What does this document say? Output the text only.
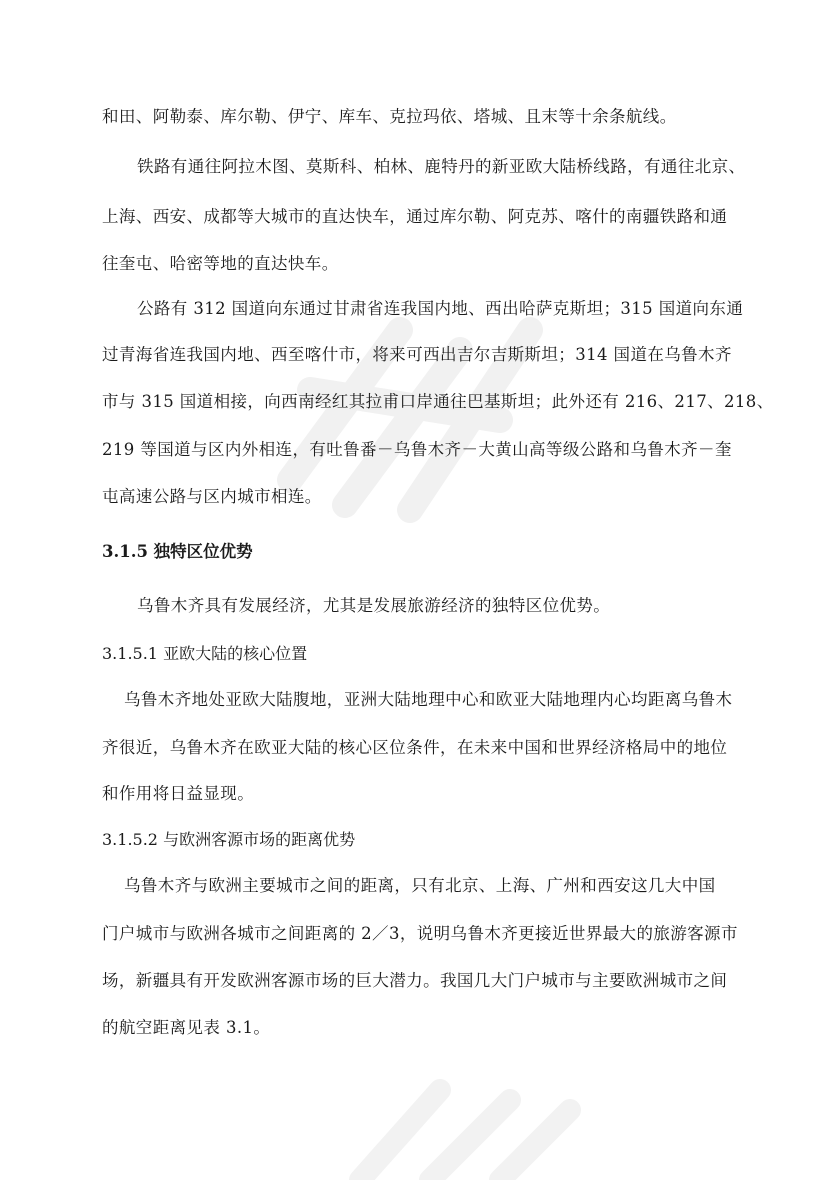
和田、阿勒泰、库尔勒、伊宁、库车、克拉玛依、塔城、且末等十余条航线。
铁路有通往阿拉木图、莫斯科、柏林、鹿特丹的新亚欧大陆桥线路，有通往北京、
上海、西安、成都等大城市的直达快车，通过库尔勒、阿克苏、喀什的南疆铁路和通
往奎屯、哈密等地的直达快车。
公路有 312 国道向东通过甘肃省连我国内地、西出哈萨克斯坦；315 国道向东通
过青海省连我国内地、西至喀什市，将来可西出吉尔吉斯斯坦；314 国道在乌鲁木齐
市与 315 国道相接，向西南经红其拉甫口岸通往巴基斯坦；此外还有 216、217、218、
219 等国道与区内外相连，有吐鲁番－乌鲁木齐－大黄山高等级公路和乌鲁木齐－奎
屯高速公路与区内城市相连。
3.1.5 独特区位优势
乌鲁木齐具有发展经济，尤其是发展旅游经济的独特区位优势。
3.1.5.1 亚欧大陆的核心位置
乌鲁木齐地处亚欧大陆腹地，亚洲大陆地理中心和欧亚大陆地理内心均距离乌鲁木
齐很近，乌鲁木齐在欧亚大陆的核心区位条件，在未来中国和世界经济格局中的地位
和作用将日益显现。
3.1.5.2 与欧洲客源市场的距离优势
乌鲁木齐与欧洲主要城市之间的距离，只有北京、上海、广州和西安这几大中国
门户城市与欧洲各城市之间距离的 2／3，说明乌鲁木齐更接近世界最大的旅游客源市
场，新疆具有开发欧洲客源市场的巨大潜力。我国几大门户城市与主要欧洲城市之间
的航空距离见表 3.1。
